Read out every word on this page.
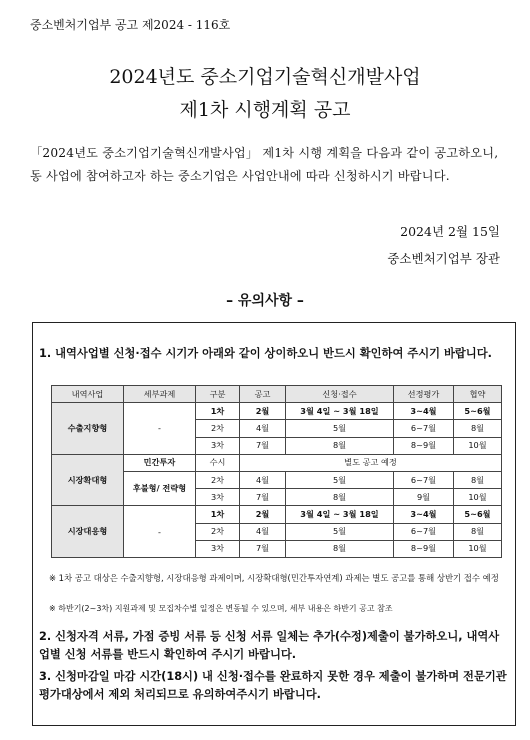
중소벤처기업부 공고 제2024 - 116호
2024년도 중소기업기술혁신개발사업
제1차 시행계획 공고
「2024년도 중소기업기술혁신개발사업」 제1차 시행 계획을 다음과 같이 공고하오니, 동 사업에 참여하고자 하는 중소기업은 사업안내에 따라 신청하시기 바랍니다.
2024년 2월 15일
중소벤처기업부 장관
– 유의사항 –
1. 내역사업별 신청·접수 시기가 아래와 같이 상이하오니 반드시 확인하여 주시기 바랍니다.
내역사업	세부과제	구분	공고	신청·접수	선정평가	협약
수출지향형	-	1차	2월	3월 4일 ~ 3월 18일	3~4월	5~6월
		2차	4월	5월	6~7월	8월
		3차	7월	8월	8~9월	10월
시장확대형	민간투자	수시	별도 공고 예정			
	후불형/ 전략형	2차	4월	5월	6~7월	8월
		3차	7월	8월	9월	10월
시장대응형	-	1차	2월	3월 4일 ~ 3월 18일	3~4월	5~6월
		2차	4월	5월	6~7월	8월
		3차	7월	8월	8~9월	10월
※ 1차 공고 대상은 수출지향형, 시장대응형 과제이며, 시장확대형(민간투자연계) 과제는 별도 공고를 통해 상반기 접수 예정
※ 하반기(2~3차) 지원과제 및 모집차수별 일정은 변동될 수 있으며, 세부 내용은 하반기 공고 참조
2. 신청자격 서류, 가점 증빙 서류 등 신청 서류 일체는 추가(수정)제출이 불가하오니, 내역사업별 신청 서류를 반드시 확인하여 주시기 바랍니다.
3. 신청마감일 마감 시간(18시) 내 신청·접수를 완료하지 못한 경우 제출이 불가하며 전문기관 평가대상에서 제외 처리되므로 유의하여주시기 바랍니다.
